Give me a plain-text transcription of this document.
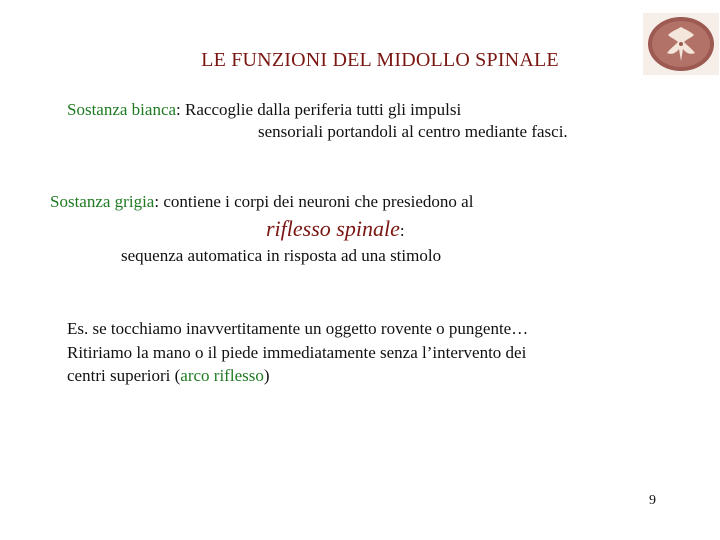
LE FUNZIONI DEL MIDOLLO SPINALE
Sostanza bianca: Raccoglie dalla periferia tutti gli impulsi
sensoriali portandoli al centro mediante fasci.
Sostanza grigia: contiene i corpi dei neuroni che presiedono al
riflesso spinale:
sequenza automatica in risposta ad una stimolo
Es. se tocchiamo inavvertitamente un oggetto rovente o pungente…
Ritiriamo la mano o il piede immediatamente senza l’intervento dei
centri superiori (arco riflesso)
9
